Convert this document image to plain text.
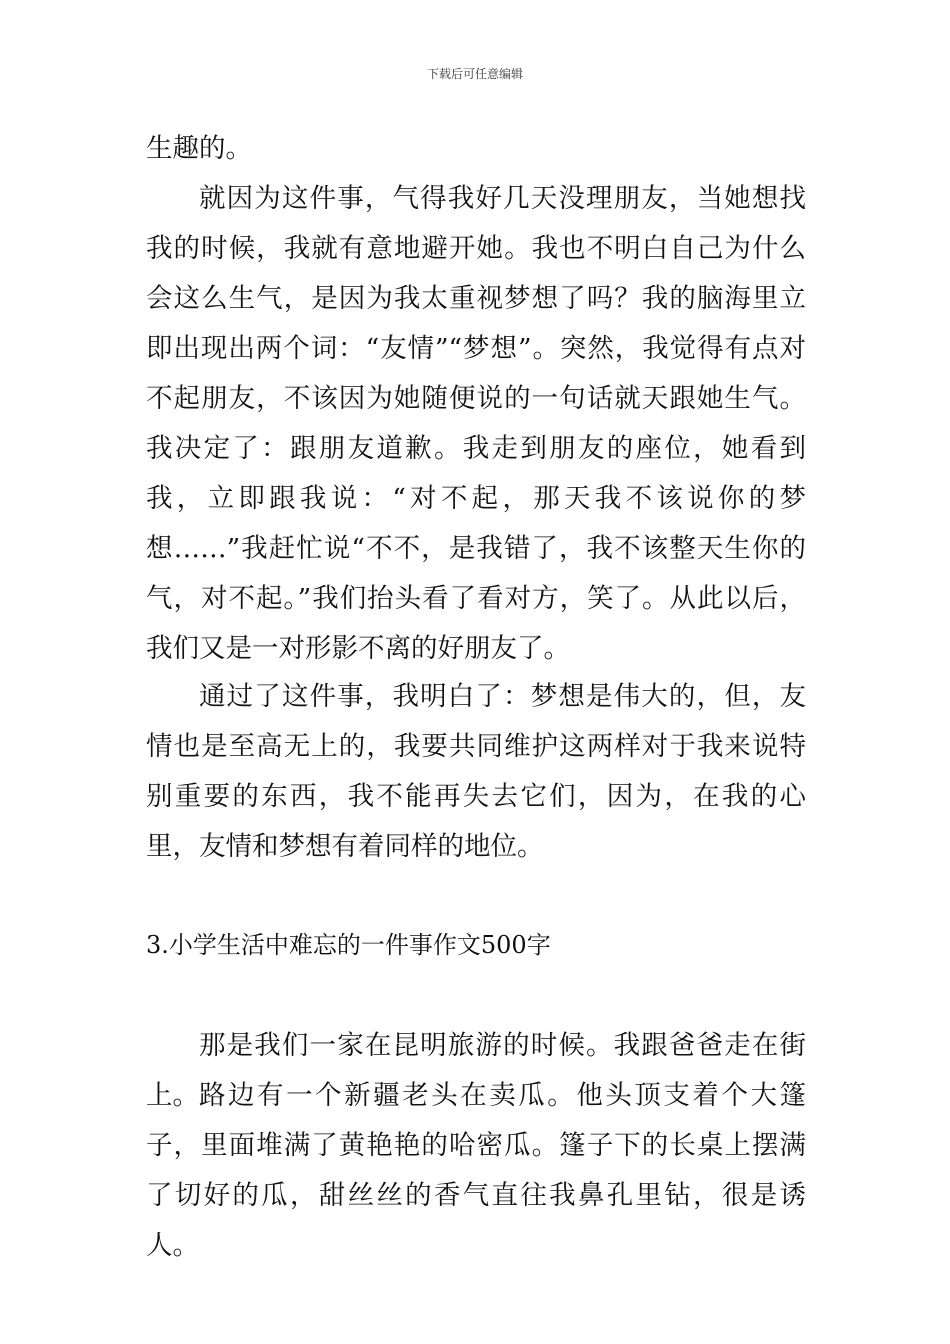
下载后可任意编辑

生趣的。

就因为这件事，气得我好几天没理朋友，当她想找我的时候，我就有意地避开她。我也不明白自己为什么会这么生气，是因为我太重视梦想了吗？我的脑海里立即出现出两个词：“友情”“梦想”。突然，我觉得有点对不起朋友，不该因为她随便说的一句话就天跟她生气。我决定了：跟朋友道歉。我走到朋友的座位，她看到我，立即跟我说：“对不起，那天我不该说你的梦想……”我赶忙说“不不，是我错了，我不该整天生你的气，对不起。”我们抬头看了看对方，笑了。从此以后，我们又是一对形影不离的好朋友了。

通过了这件事，我明白了：梦想是伟大的，但，友情也是至高无上的，我要共同维护这两样对于我来说特别重要的东西，我不能再失去它们，因为，在我的心里，友情和梦想有着同样的地位。

3.小学生活中难忘的一件事作文500字

那是我们一家在昆明旅游的时候。我跟爸爸走在街上。 路边有一个新疆老头在卖瓜。他头顶支着个大篷子，里面堆满了黄艳艳的哈密瓜。篷子下的长桌上摆满了切好的瓜，甜丝丝的香气直往我鼻孔里钻，很是诱人。
